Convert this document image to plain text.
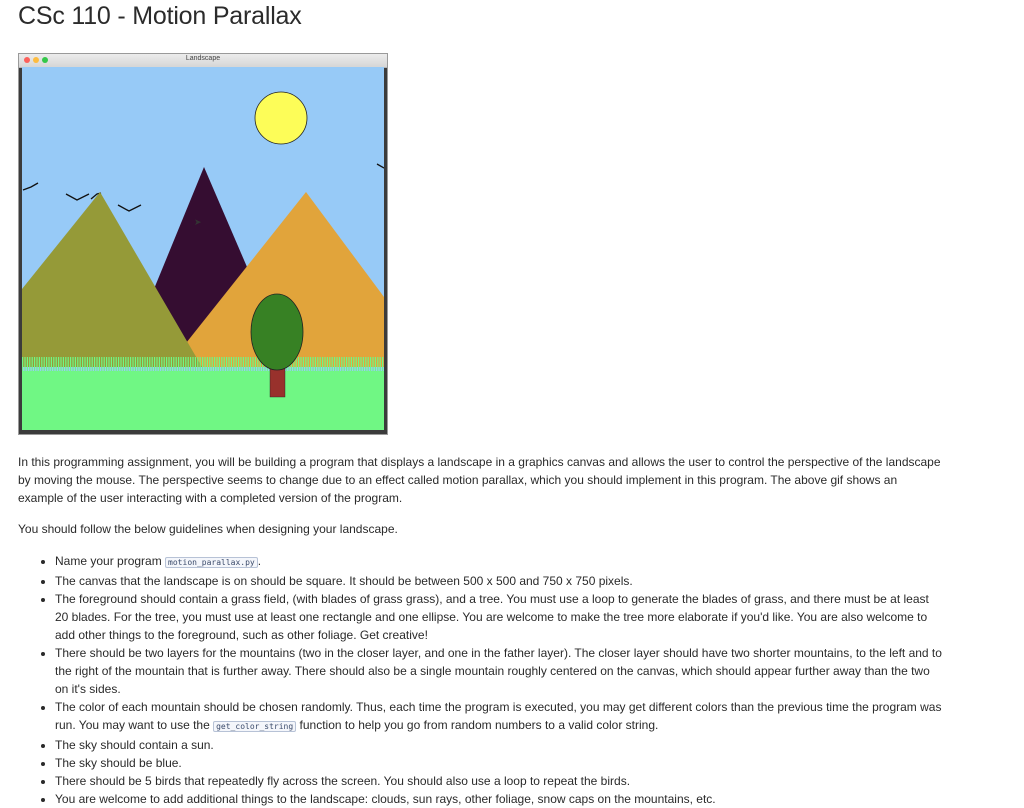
CSc 110 - Motion Parallax
Landscape
➤

In this programming assignment, you will be building a program that displays a landscape in a graphics canvas and allows the user to control the perspective of the landscape by moving the mouse. The perspective seems to change due to an effect called motion parallax, which you should implement in this program. The above gif shows an example of the user interacting with a completed version of the program.

You should follow the below guidelines when designing your landscape.

• Name your program motion_parallax.py .
• The canvas that the landscape is on should be square. It should be between 500 x 500 and 750 x 750 pixels.
• The foreground should contain a grass field, (with blades of grass grass), and a tree. You must use a loop to generate the blades of grass, and there must be at least 20 blades. For the tree, you must use at least one rectangle and one ellipse. You are welcome to make the tree more elaborate if you'd like. You are also welcome to add other things to the foreground, such as other foliage. Get creative!
• There should be two layers for the mountains (two in the closer layer, and one in the father layer). The closer layer should have two shorter mountains, to the left and to the right of the mountain that is further away. There should also be a single mountain roughly centered on the canvas, which should appear further away than the two on it's sides.
• The color of each mountain should be chosen randomly. Thus, each time the program is executed, you may get different colors than the previous time the program was run. You may want to use the get_color_string function to help you go from random numbers to a valid color string.
• The sky should contain a sun.
• The sky should be blue.
• There should be 5 birds that repeatedly fly across the screen. You should also use a loop to repeat the birds.
• You are welcome to add additional things to the landscape: clouds, sun rays, other foliage, snow caps on the mountains, etc.
